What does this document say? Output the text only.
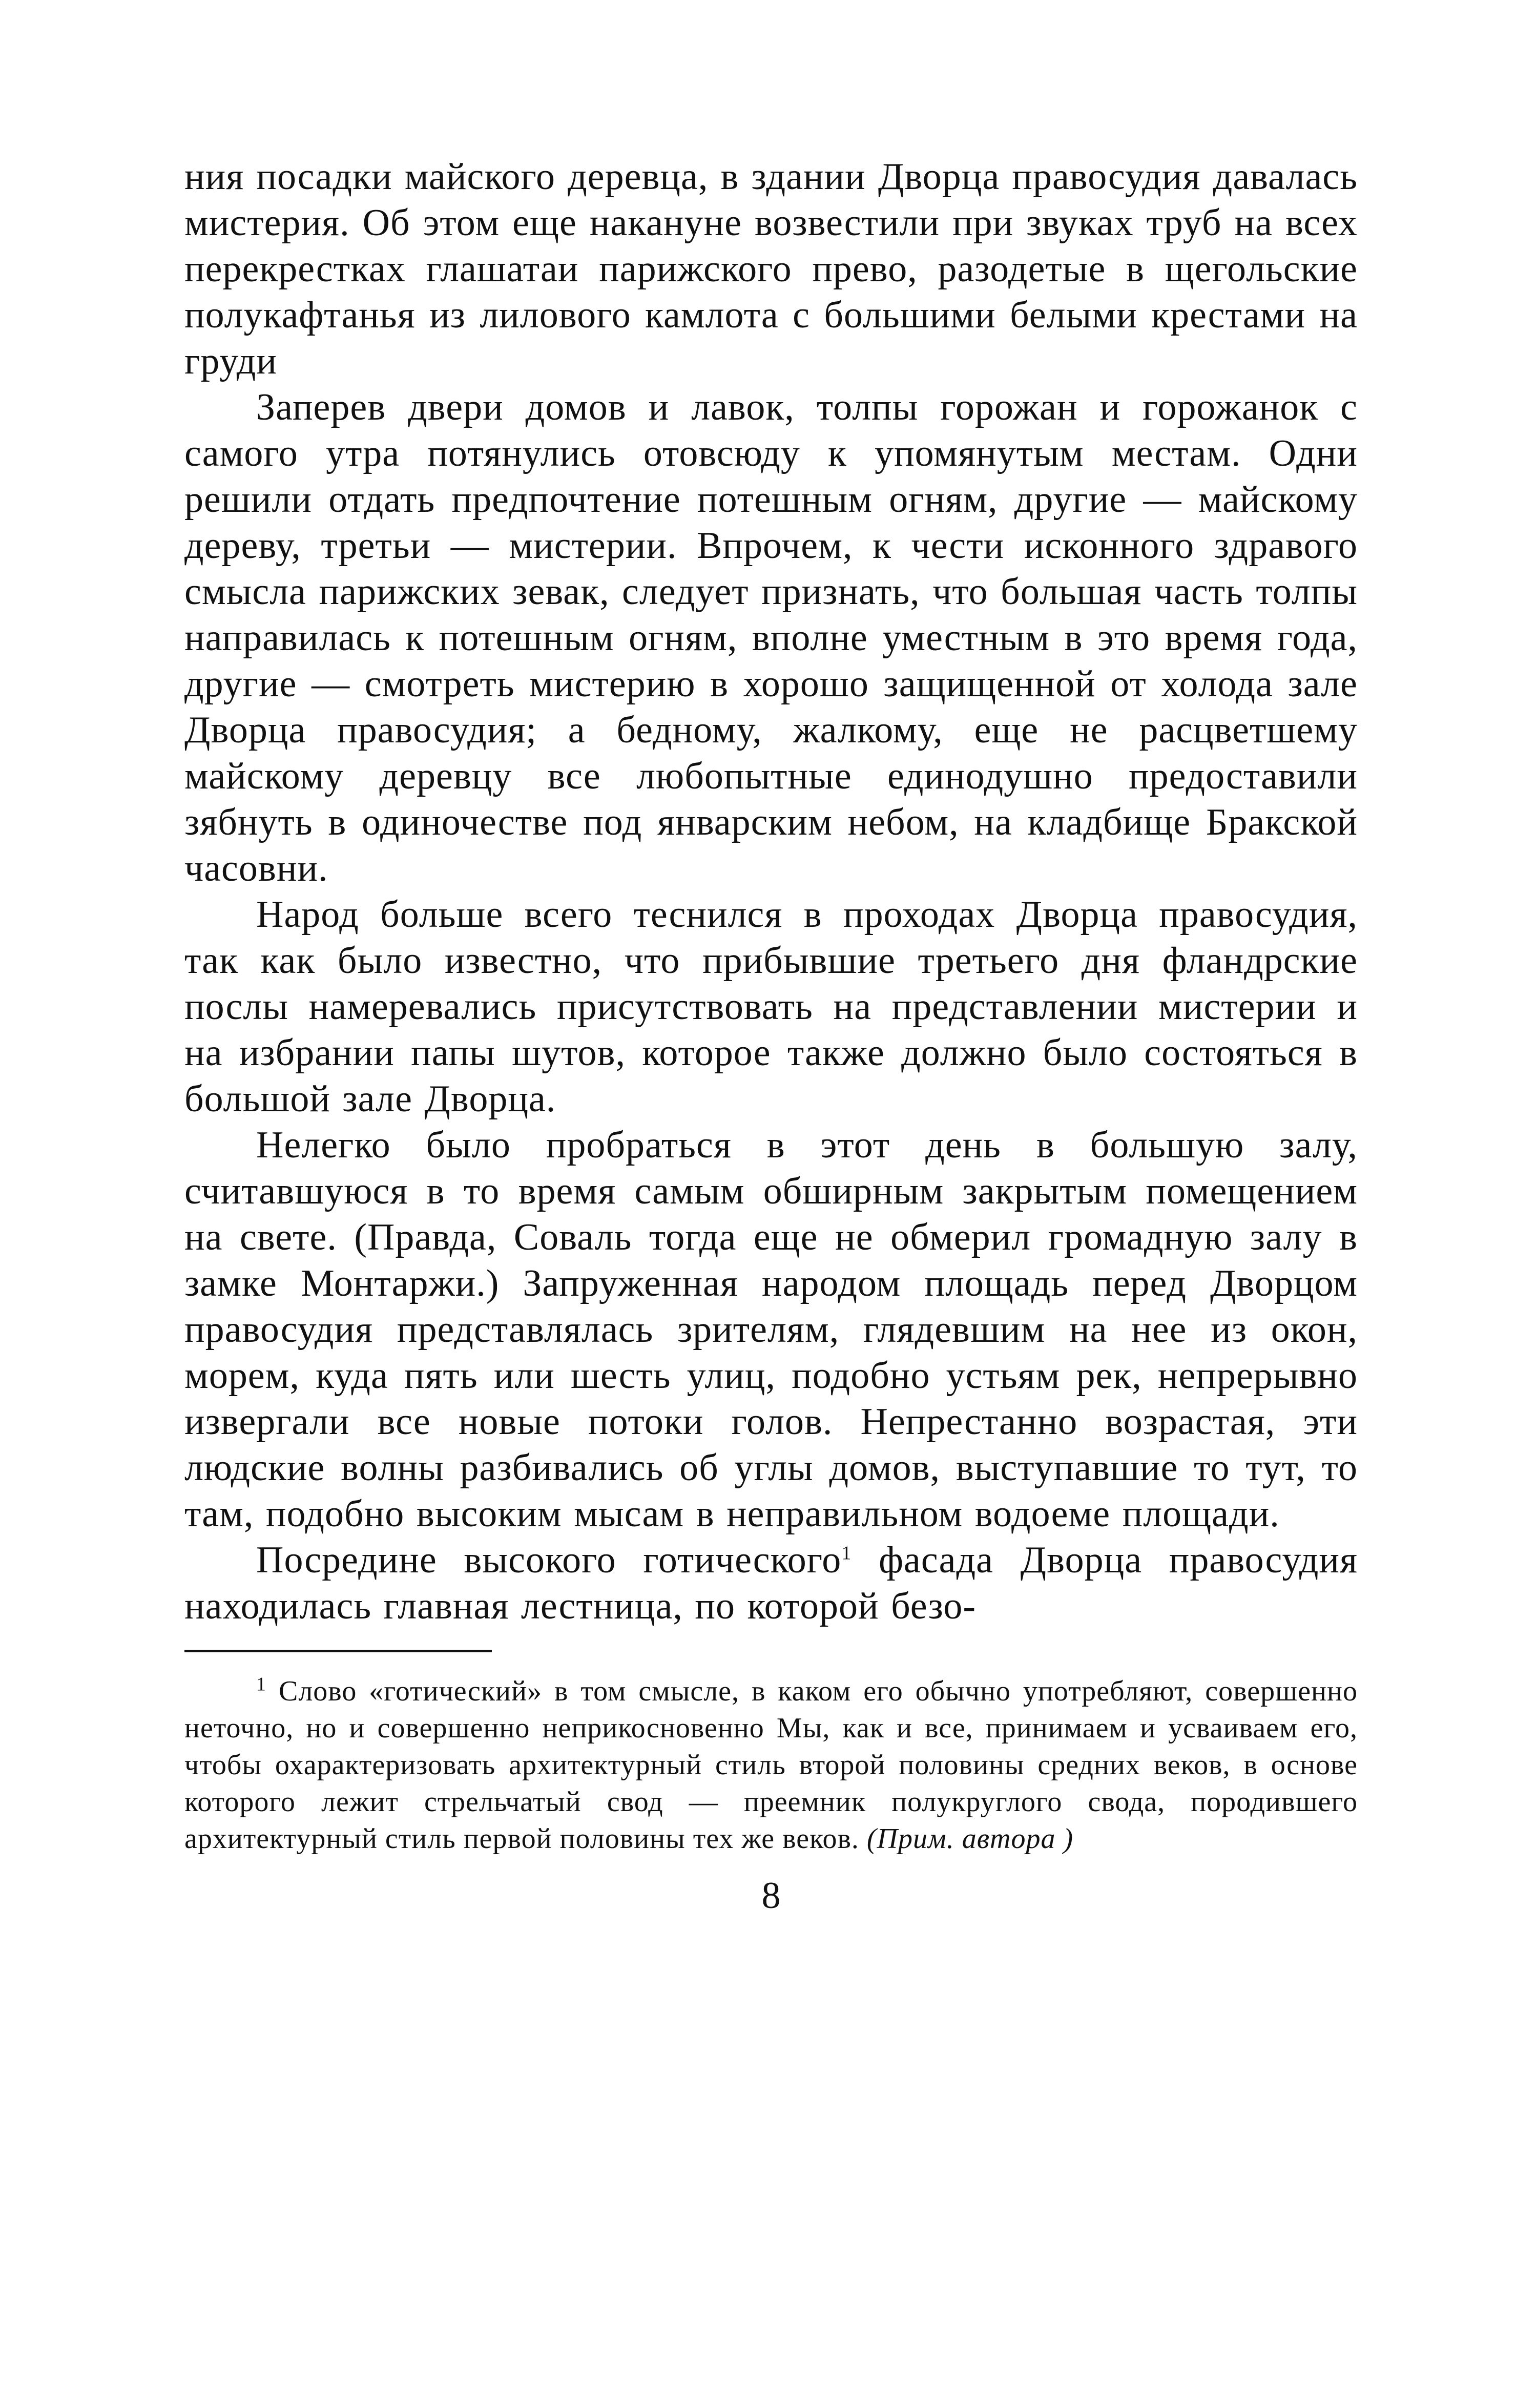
ния посадки майского деревца, в здании Дворца правосудия давалась мистерия. Об этом еще накануне возвестили при звуках труб на всех перекрестках глашатаи парижского прево, разодетые в щегольские полукафтанья из лилового камлота с большими белыми крестами на груди

Заперев двери домов и лавок, толпы горожан и горожанок с самого утра потянулись отовсюду к упомянутым местам. Одни решили отдать предпочтение потешным огням, другие — майскому дереву, третьи — мистерии. Впрочем, к чести исконного здравого смысла парижских зевак, следует признать, что большая часть толпы направилась к потешным огням, вполне уместным в это время года, другие — смотреть мистерию в хорошо защищенной от холода зале Дворца правосудия; а бедному, жалкому, еще не расцветшему майскому деревцу все любопытные единодушно предоставили зябнуть в одиночестве под январским небом, на кладбище Бракской часовни.

Народ больше всего теснился в проходах Дворца правосудия, так как было известно, что прибывшие третьего дня фландрские послы намеревались присутствовать на представлении мистерии и на избрании папы шутов, которое также должно было состояться в большой зале Дворца.

Нелегко было пробраться в этот день в большую залу, считавшуюся в то время самым обширным закрытым помещением на свете. (Правда, Соваль тогда еще не обмерил громадную залу в замке Монтаржи.) Запруженная народом площадь перед Дворцом правосудия представлялась зрителям, глядевшим на нее из окон, морем, куда пять или шесть улиц, подобно устьям рек, непрерывно извергали все новые потоки голов. Непрестанно возрастая, эти людские волны разбивались об углы домов, выступавшие то тут, то там, подобно высоким мысам в неправильном водоеме площади.

Посредине высокого готического$^1$ фасада Дворца правосудия находилась главная лестница, по которой безо-

$^1$ Слово «готический» в том смысле, в каком его обычно употребляют, совершенно неточно, но и совершенно неприкосновенно Мы, как и все, принимаем и усваиваем его, чтобы охарактеризовать архитектурный стиль второй половины средних веков, в основе которого лежит стрельчатый свод — преемник полукруглого свода, породившего архитектурный стиль первой половины тех же веков. (Прим. автора )

8
